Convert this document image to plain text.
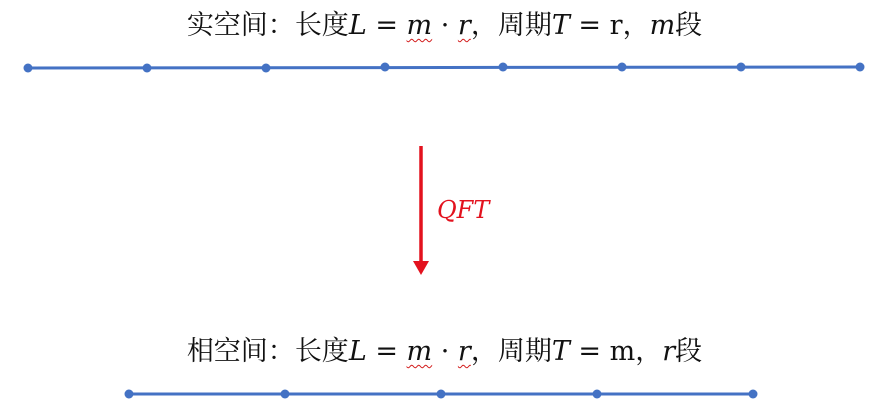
实空间：长度L = m · r，周期T = r，m段
相空间：长度L = m · r，周期T = m，r段
QFT
